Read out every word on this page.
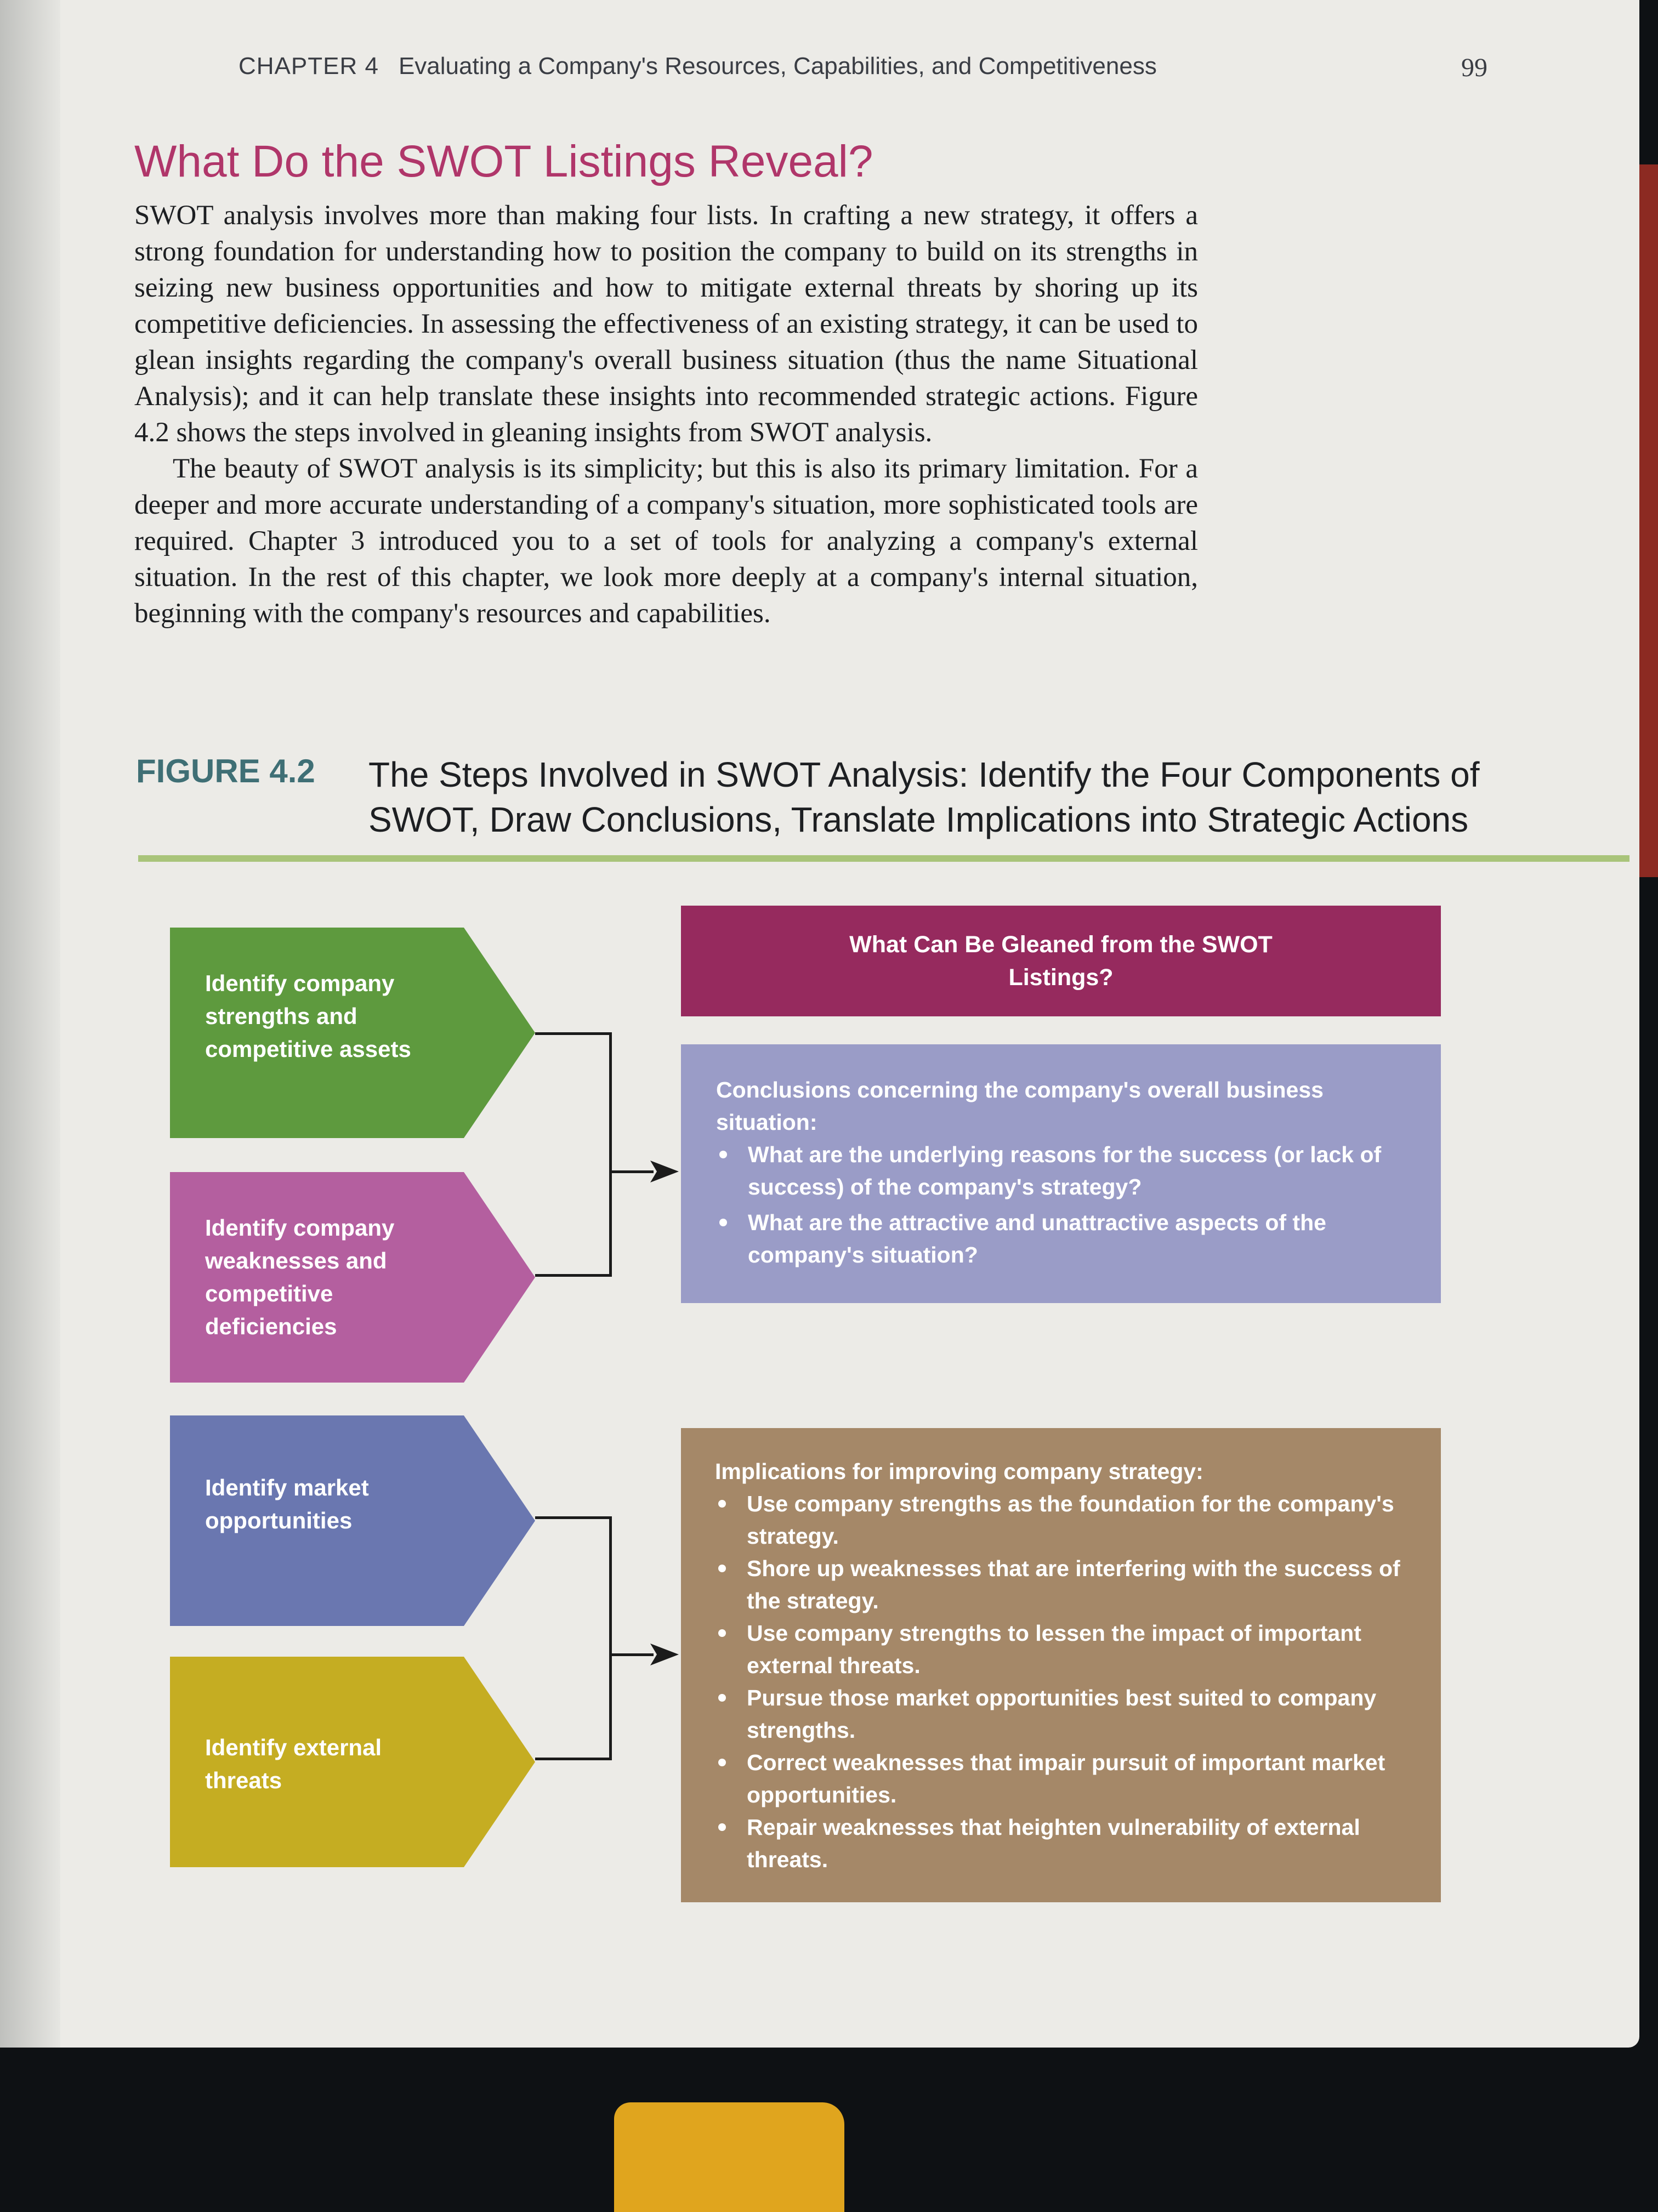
CHAPTER 4 Evaluating a Company's Resources, Capabilities, and Competitiveness	99
What Do the SWOT Listings Reveal?

SWOT analysis involves more than making four lists. In crafting a new strategy, it offers a strong foundation for understanding how to position the company to build on its strengths in seizing new business opportunities and how to mitigate external threats by shoring up its competitive deficiencies. In assessing the effectiveness of an existing strategy, it can be used to glean insights regarding the company's overall business situation (thus the name Situational Analysis); and it can help translate these insights into recommended strategic actions. Figure 4.2 shows the steps involved in gleaning insights from SWOT analysis.

The beauty of SWOT analysis is its simplicity; but this is also its primary limitation. For a deeper and more accurate understanding of a company's situation, more sophisticated tools are required. Chapter 3 introduced you to a set of tools for analyzing a company's external situation. In the rest of this chapter, we look more deeply at a company's internal situation, beginning with the company's resources and capabilities.

FIGURE 4.2 The Steps Involved in SWOT Analysis: Identify the Four Components of SWOT, Draw Conclusions, Translate Implications into Strategic Actions
Identify company strengths and competitive assets
Identify company weaknesses and competitive deficiencies
Identify market opportunities
Identify external threats
What Can Be Gleaned from the SWOT Listings?
Conclusions concerning the company's overall business situation:
What are the underlying reasons for the success (or lack of success) of the company's strategy?
What are the attractive and unattractive aspects of the company's situation?
Implications for improving company strategy:
Use company strengths as the foundation for the company's strategy.
Shore up weaknesses that are interfering with the success of the strategy.
Use company strengths to lessen the impact of important external threats.
Pursue those market opportunities best suited to company strengths.
Correct weaknesses that impair pursuit of important market opportunities.
Repair weaknesses that heighten vulnerability of external threats.
